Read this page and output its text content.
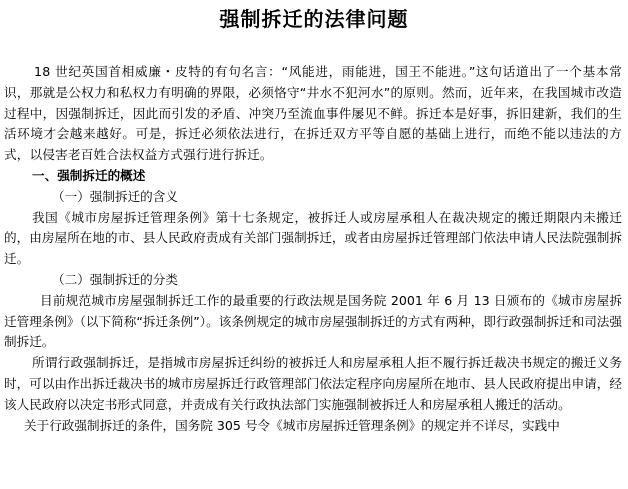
强制拆迁的法律问题

18 世纪英国首相威廉・皮特的有句名言：“风能进，雨能进，国王不能进。”这句话道出了一个基本常识，那就是公权力和私权力有明确的界限，必须恪守“井水不犯河水”的原则。然而，近年来，在我国城市改造过程中，因强制拆迁，因此而引发的矛盾、冲突乃至流血事件屡见不鲜。拆迁本是好事，拆旧建新，我们的生活环境才会越来越好。可是，拆迁必须依法进行，在拆迁双方平等自愿的基础上进行，而绝不能以违法的方式，以侵害老百姓合法权益方式强行进行拆迁。

一、强制拆迁的概述

（一）强制拆迁的含义

我国《城市房屋拆迁管理条例》第十七条规定，被拆迁人或房屋承租人在裁决规定的搬迁期限内未搬迁的，由房屋所在地的市、县人民政府责成有关部门强制拆迁，或者由房屋拆迁管理部门依法申请人民法院强制拆迁。

（二）强制拆迁的分类

目前规范城市房屋强制拆迁工作的最重要的行政法规是国务院 2001 年 6 月 13 日颁布的《城市房屋拆迁管理条例》（以下简称“拆迁条例”）。该条例规定的城市房屋强制拆迁的方式有两种，即行政强制拆迁和司法强制拆迁。

所谓行政强制拆迁，是指城市房屋拆迁纠纷的被拆迁人和房屋承租人拒不履行拆迁裁决书规定的搬迁义务时，可以由作出拆迁裁决书的城市房屋拆迁行政管理部门依法定程序向房屋所在地市、县人民政府提出申请，经该人民政府以决定书形式同意，并责成有关行政执法部门实施强制被拆迁人和房屋承租人搬迁的活动。

关于行政强制拆迁的条件，国务院 305 号令《城市房屋拆迁管理条例》的规定并不详尽，实践中
